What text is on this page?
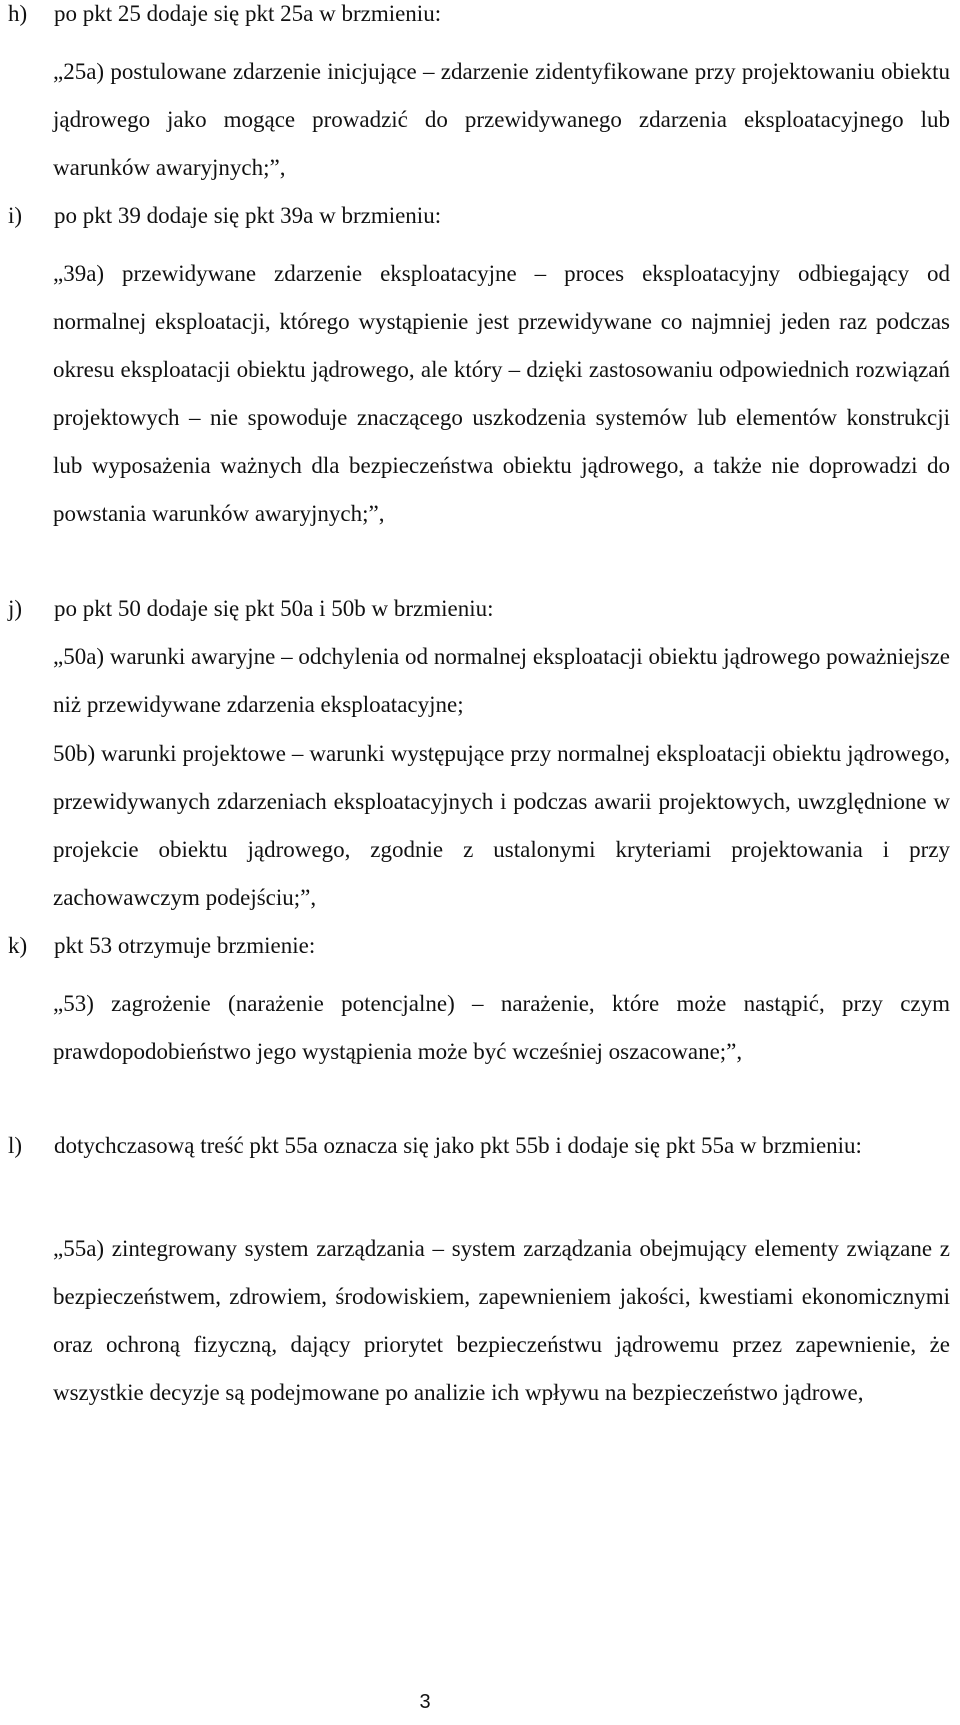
h) po pkt 25 dodaje się pkt 25a w brzmieniu:
„25a) postulowane zdarzenie inicjujące – zdarzenie zidentyfikowane przy projektowaniu obiektu jądrowego jako mogące prowadzić do przewidywanego zdarzenia eksploatacyjnego lub warunków awaryjnych;”,
i) po pkt 39 dodaje się pkt 39a w brzmieniu:
„39a) przewidywane zdarzenie eksploatacyjne – proces eksploatacyjny odbiegający od normalnej eksploatacji, którego wystąpienie jest przewidywane co najmniej jeden raz podczas okresu eksploatacji obiektu jądrowego, ale który – dzięki zastosowaniu odpowiednich rozwiązań projektowych – nie spowoduje znaczącego uszkodzenia systemów lub elementów konstrukcji lub wyposażenia ważnych dla bezpieczeństwa obiektu jądrowego, a także nie doprowadzi do powstania warunków awaryjnych;”,
j) po pkt 50 dodaje się pkt 50a i 50b w brzmieniu:
„50a) warunki awaryjne – odchylenia od normalnej eksploatacji obiektu jądrowego poważniejsze niż przewidywane zdarzenia eksploatacyjne;
50b) warunki projektowe – warunki występujące przy normalnej eksploatacji obiektu jądrowego, przewidywanych zdarzeniach eksploatacyjnych i podczas awarii projektowych, uwzględnione w projekcie obiektu jądrowego, zgodnie z ustalonymi kryteriami projektowania i przy zachowawczym podejściu;”,
k) pkt 53 otrzymuje brzmienie:
„53) zagrożenie (narażenie potencjalne) – narażenie, które może nastąpić, przy czym prawdopodobieństwo jego wystąpienia może być wcześniej oszacowane;”,
l) dotychczasową treść pkt 55a oznacza się jako pkt 55b i dodaje się pkt 55a w brzmieniu:
„55a) zintegrowany system zarządzania – system zarządzania obejmujący elementy związane z bezpieczeństwem, zdrowiem, środowiskiem, zapewnieniem jakości, kwestiami ekonomicznymi oraz ochroną fizyczną, dający priorytet bezpieczeństwu jądrowemu przez zapewnienie, że wszystkie decyzje są podejmowane po analizie ich wpływu na bezpieczeństwo jądrowe,
3
